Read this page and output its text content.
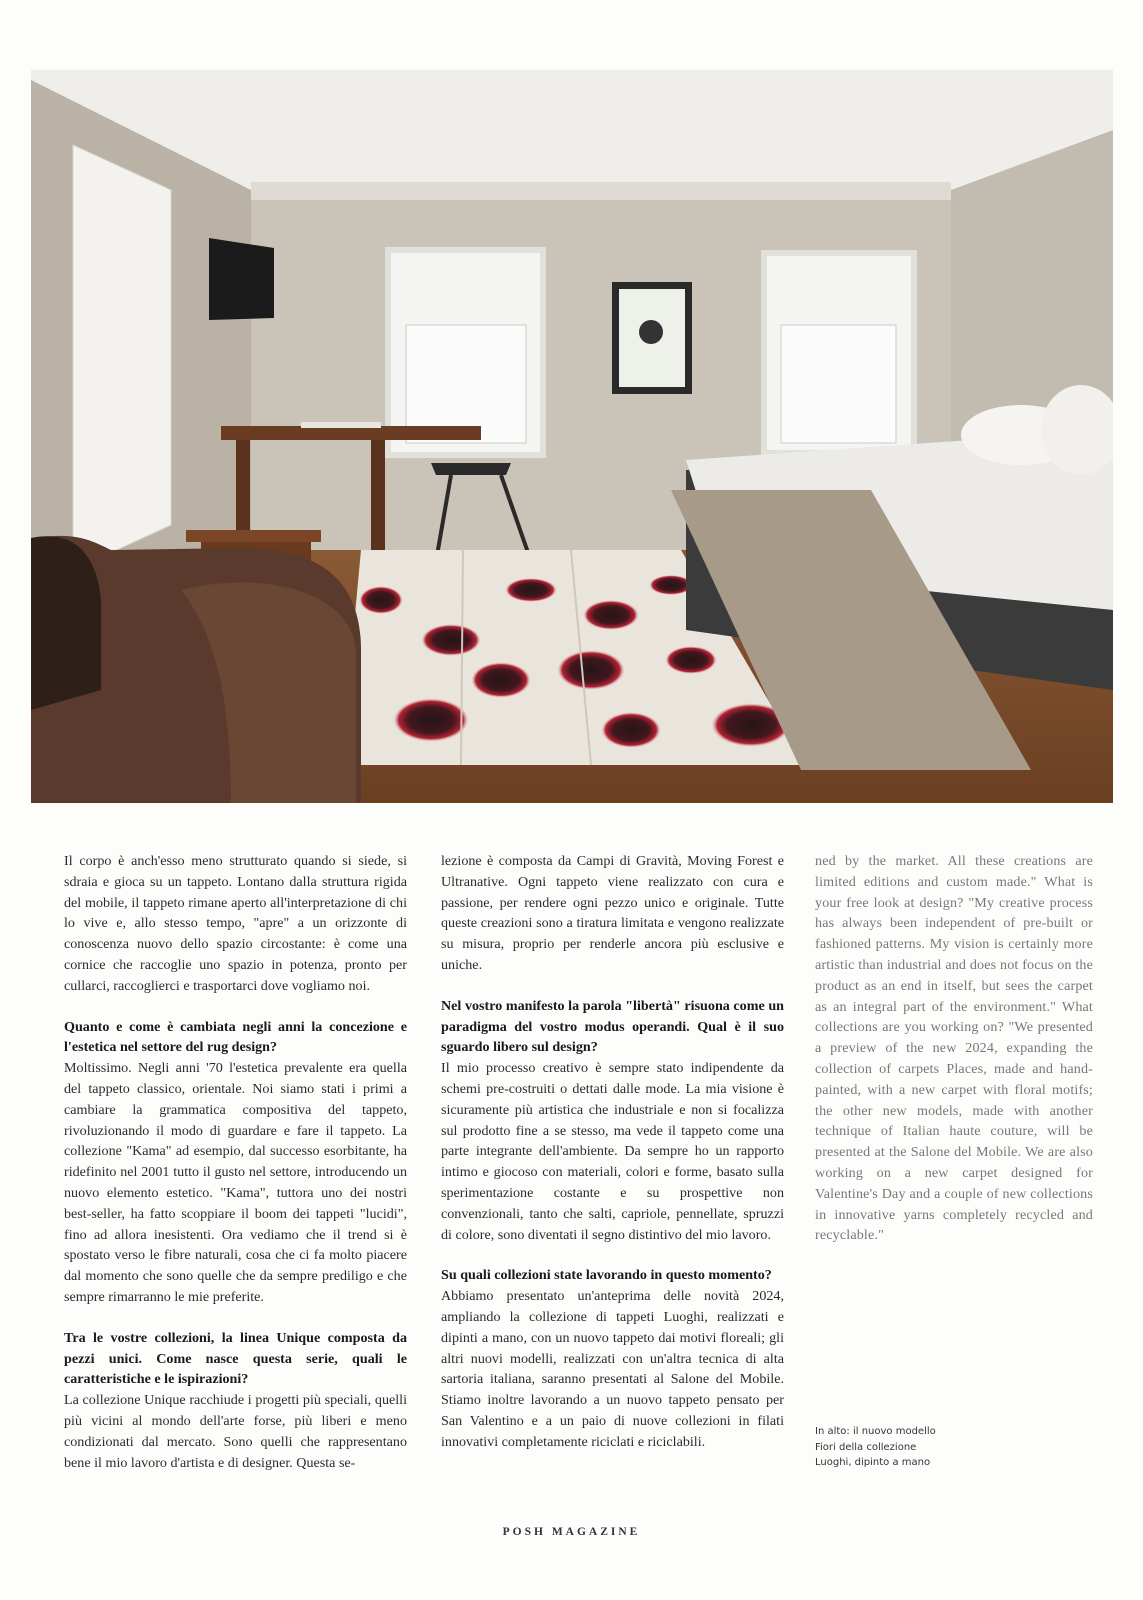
Il corpo è anch'esso meno strutturato quando si siede, si sdraia e gioca su un tappeto. Lontano dalla struttura rigida del mobile, il tappeto rimane aperto all'interpretazione di chi lo vive e, allo stesso tempo, "apre" a un orizzonte di conoscenza nuovo dello spazio circostante: è come una cornice che raccoglie uno spazio in potenza, pronto per cullarci, raccoglierci e trasportarci dove vogliamo noi.

Quanto e come è cambiata negli anni la concezione e l'estetica nel settore del rug design?

Moltissimo. Negli anni '70 l'estetica prevalente era quella del tappeto classico, orientale. Noi siamo stati i primi a cambiare la grammatica compositiva del tappeto, rivoluzionando il modo di guardare e fare il tappeto. La collezione "Kama" ad esempio, dal successo esorbitante, ha ridefinito nel 2001 tutto il gusto nel settore, introducendo un nuovo elemento estetico. "Kama", tuttora uno dei nostri best-seller, ha fatto scoppiare il boom dei tappeti "lucidi", fino ad allora inesistenti. Ora vediamo che il trend si è spostato verso le fibre naturali, cosa che ci fa molto piacere dal momento che sono quelle che da sempre prediligo e che sempre rimarranno le mie preferite.

Tra le vostre collezioni, la linea Unique composta da pezzi unici. Come nasce questa serie, quali le caratteristiche e le ispirazioni?

La collezione Unique racchiude i progetti più speciali, quelli più vicini al mondo dell'arte forse, più liberi e meno condizionati dal mercato. Sono quelli che rappresentano bene il mio lavoro d'artista e di designer. Questa se-

lezione è composta da Campi di Gravità, Moving Forest e Ultranative. Ogni tappeto viene realizzato con cura e passione, per rendere ogni pezzo unico e originale. Tutte queste creazioni sono a tiratura limitata e vengono realizzate su misura, proprio per renderle ancora più esclusive e uniche.

Nel vostro manifesto la parola "libertà" risuona come un paradigma del vostro modus operandi. Qual è il suo sguardo libero sul design?

Il mio processo creativo è sempre stato indipendente da schemi pre-costruiti o dettati dalle mode. La mia visione è sicuramente più artistica che industriale e non si focalizza sul prodotto fine a se stesso, ma vede il tappeto come una parte integrante dell'ambiente. Da sempre ho un rapporto intimo e giocoso con materiali, colori e forme, basato sulla sperimentazione costante e su prospettive non convenzionali, tanto che salti, capriole, pennellate, spruzzi di colore, sono diventati il segno distintivo del mio lavoro.

Su quali collezioni state lavorando in questo momento?

Abbiamo presentato un'anteprima delle novità 2024, ampliando la collezione di tappeti Luoghi, realizzati e dipinti a mano, con un nuovo tappeto dai motivi floreali; gli altri nuovi modelli, realizzati con un'altra tecnica di alta sartoria italiana, saranno presentati al Salone del Mobile. Stiamo inoltre lavorando a un nuovo tappeto pensato per San Valentino e a un paio di nuove collezioni in filati innovativi completamente riciclati e riciclabili.

ned by the market. All these creations are limited editions and custom made." What is your free look at design? "My creative process has always been independent of pre-built or fashioned patterns. My vision is certainly more artistic than industrial and does not focus on the product as an end in itself, but sees the carpet as an integral part of the environment." What collections are you working on? "We presented a preview of the new 2024, expanding the collection of carpets Places, made and hand-painted, with a new carpet with floral motifs; the other new models, made with another technique of Italian haute couture, will be presented at the Salone del Mobile. We are also working on a new carpet designed for Valentine's Day and a couple of new collections in innovative yarns completely recycled and recyclable."

In alto: il nuovo modello
Fiori della collezione
Luoghi, dipinto a mano
POSH MAGAZINE
